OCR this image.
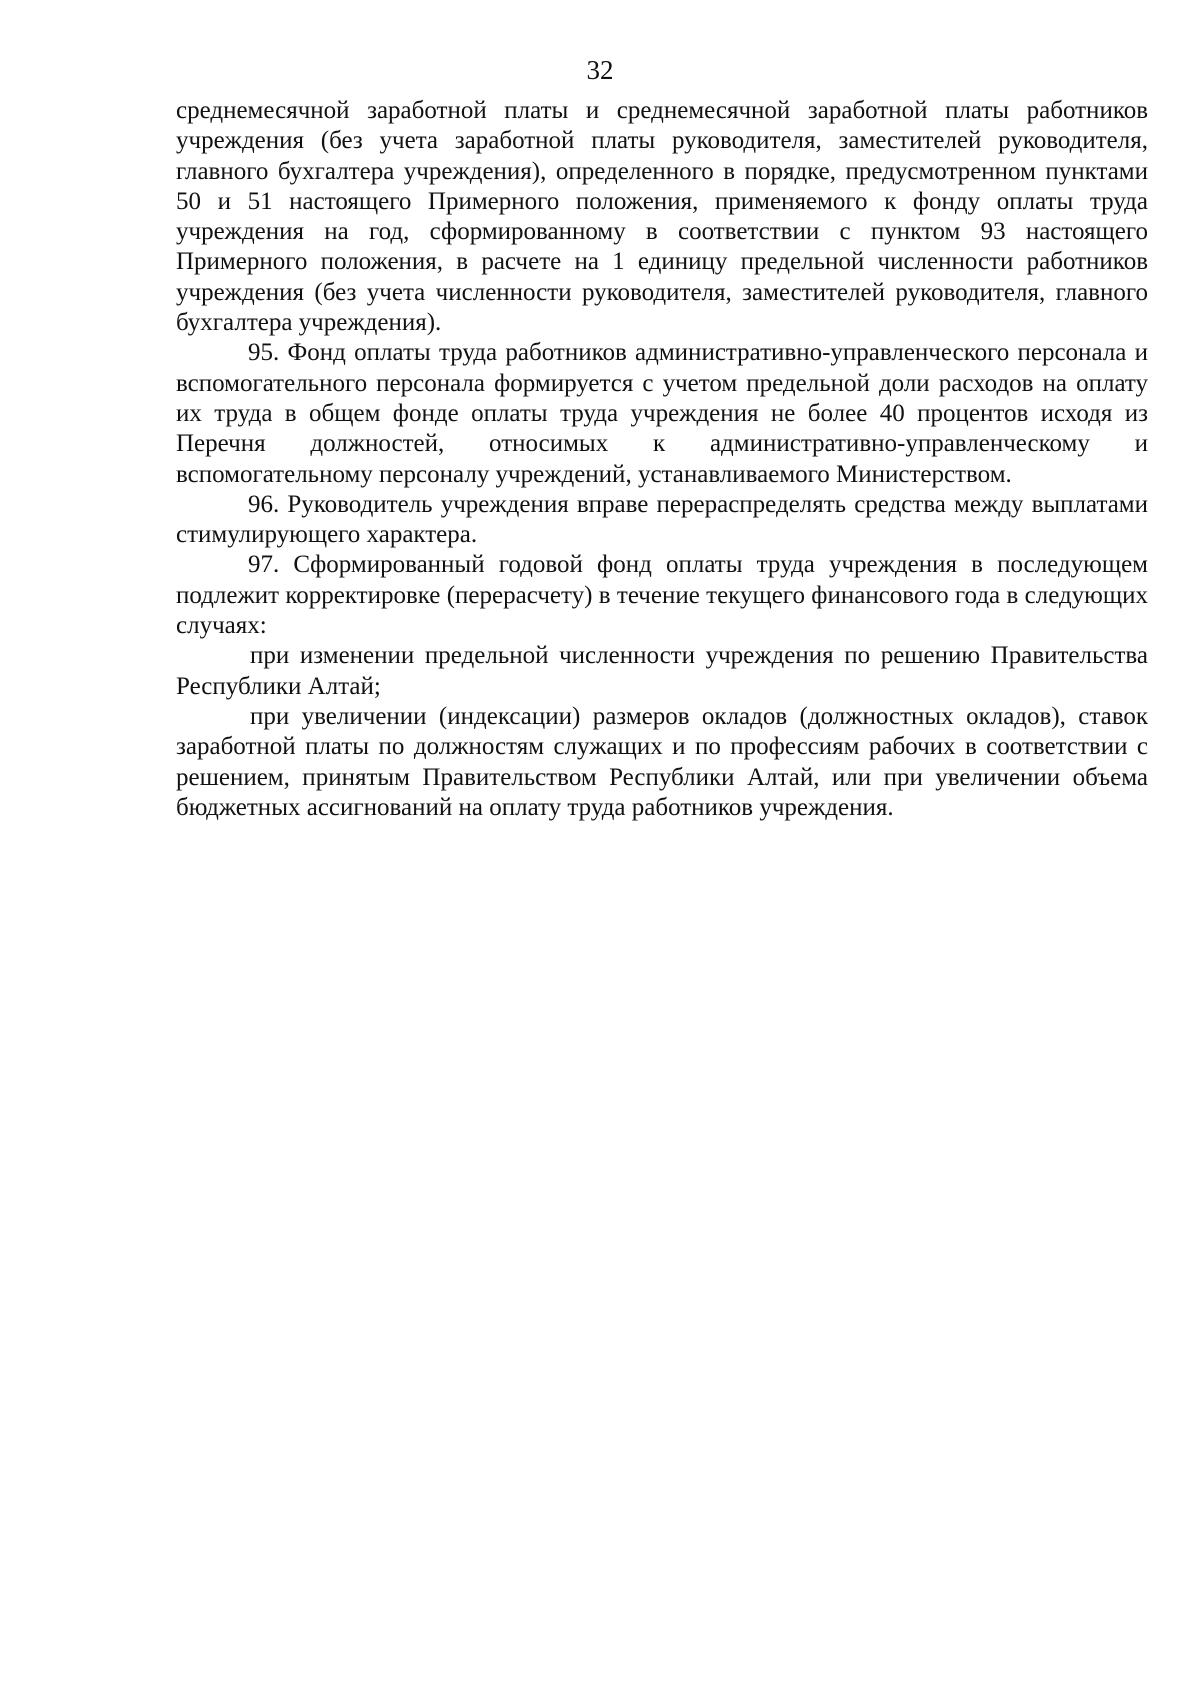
32

среднемесячной заработной платы и среднемесячной заработной платы работников учреждения (без учета заработной платы руководителя, заместителей руководителя, главного бухгалтера учреждения), определенного в порядке, предусмотренном пунктами 50 и 51 настоящего Примерного положения, применяемого к фонду оплаты труда учреждения на год, сформированному в соответствии с пунктом 93 настоящего Примерного положения, в расчете на 1 единицу предельной численности работников учреждения (без учета численности руководителя, заместителей руководителя, главного бухгалтера учреждения).

95. Фонд оплаты труда работников административно-управленческого персонала и вспомогательного персонала формируется с учетом предельной доли расходов на оплату их труда в общем фонде оплаты труда учреждения не более 40 процентов исходя из Перечня должностей, относимых к административно-управленческому и вспомогательному персоналу учреждений, устанавливаемого Министерством.

96. Руководитель учреждения вправе перераспределять средства между выплатами стимулирующего характера.

97. Сформированный годовой фонд оплаты труда учреждения в последующем подлежит корректировке (перерасчету) в течение текущего финансового года в следующих случаях:

при изменении предельной численности учреждения по решению Правительства Республики Алтай;

при увеличении (индексации) размеров окладов (должностных окладов), ставок заработной платы по должностям служащих и по профессиям рабочих в соответствии с решением, принятым Правительством Республики Алтай, или при увеличении объема бюджетных ассигнований на оплату труда работников учреждения.
